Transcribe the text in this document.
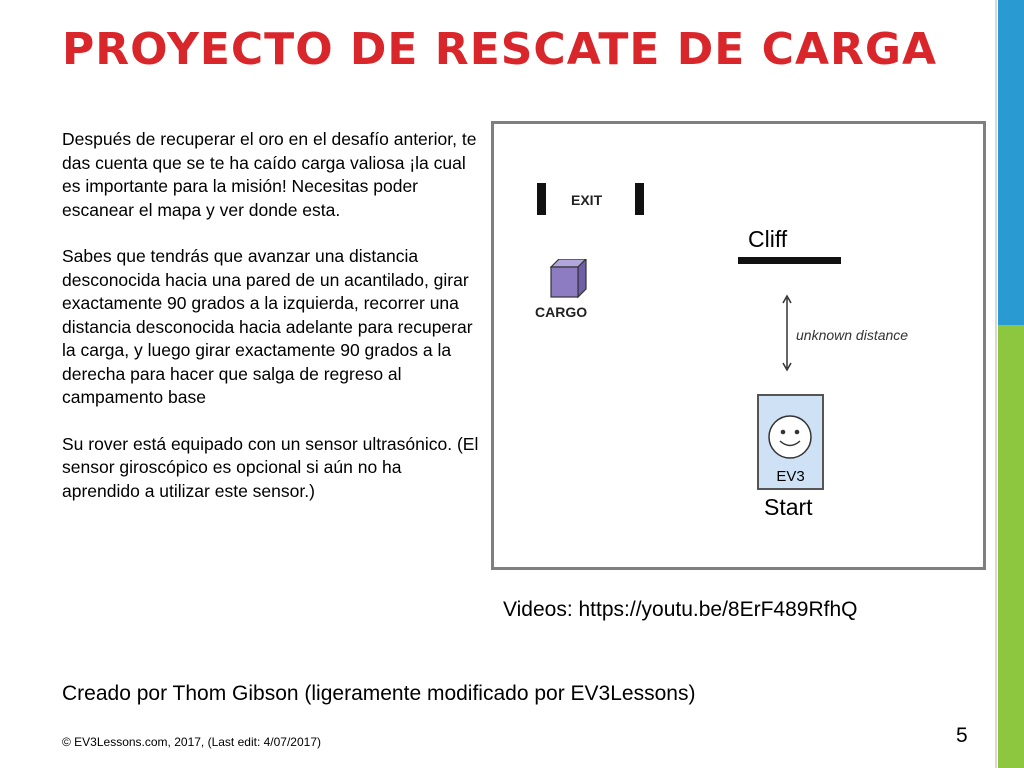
PROYECTO DE RESCATE DE CARGA

Después de recuperar el oro en el desafío anterior, te das cuenta que se te ha caído carga valiosa ¡la cual es importante para la misión! Necesitas poder escanear el mapa y ver donde esta.

Sabes que tendrás que avanzar una distancia desconocida hacia una pared de un acantilado, girar exactamente 90 grados a la izquierda, recorrer una distancia desconocida hacia adelante para recuperar la carga, y luego girar exactamente 90 grados a la derecha para hacer que salga de regreso al campamento base

Su rover está equipado con un sensor ultrasónico. (El sensor giroscópico es opcional si aún no ha aprendido a utilizar este sensor.)

EXIT
CARGO
Cliff
unknown distance
EV3
Start
Videos: https://youtu.be/8ErF489RfhQ
Creado por Thom Gibson (ligeramente modificado por EV3Lessons)
© EV3Lessons.com, 2017, (Last edit: 4/07/2017)	5
